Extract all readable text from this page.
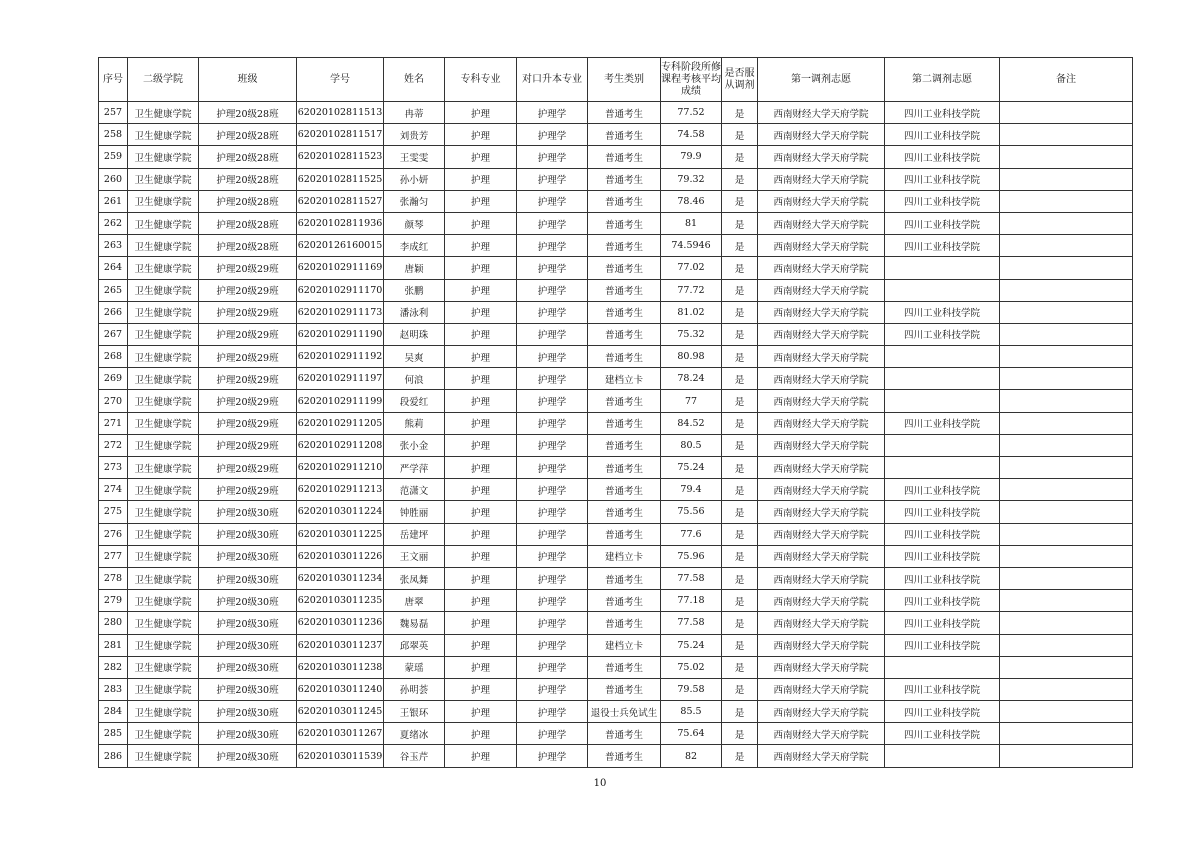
序号	二级学院	班级	学号	姓名	专科专业	对口升本专业	考生类别	专科阶段所修课程考核平均成绩	是否服从调剂	第一调剂志愿	第二调剂志愿	备注
257	卫生健康学院	护理20级28班	62020102811513	冉蒂	护理	护理学	普通考生	77.52	是	西南财经大学天府学院	四川工业科技学院	
258	卫生健康学院	护理20级28班	62020102811517	刘贵芳	护理	护理学	普通考生	74.58	是	西南财经大学天府学院	四川工业科技学院	
259	卫生健康学院	护理20级28班	62020102811523	王雯雯	护理	护理学	普通考生	79.9	是	西南财经大学天府学院	四川工业科技学院	
260	卫生健康学院	护理20级28班	62020102811525	孙小妍	护理	护理学	普通考生	79.32	是	西南财经大学天府学院	四川工业科技学院	
261	卫生健康学院	护理20级28班	62020102811527	张瀚匀	护理	护理学	普通考生	78.46	是	西南财经大学天府学院	四川工业科技学院	
262	卫生健康学院	护理20级28班	62020102811936	颜琴	护理	护理学	普通考生	81	是	西南财经大学天府学院	四川工业科技学院	
263	卫生健康学院	护理20级28班	62020126160015	李成红	护理	护理学	普通考生	74.5946	是	西南财经大学天府学院	四川工业科技学院	
264	卫生健康学院	护理20级29班	62020102911169	唐颖	护理	护理学	普通考生	77.02	是	西南财经大学天府学院		
265	卫生健康学院	护理20级29班	62020102911170	张鹏	护理	护理学	普通考生	77.72	是	西南财经大学天府学院		
266	卫生健康学院	护理20级29班	62020102911173	潘泳利	护理	护理学	普通考生	81.02	是	西南财经大学天府学院	四川工业科技学院	
267	卫生健康学院	护理20级29班	62020102911190	赵明珠	护理	护理学	普通考生	75.32	是	西南财经大学天府学院	四川工业科技学院	
268	卫生健康学院	护理20级29班	62020102911192	吴爽	护理	护理学	普通考生	80.98	是	西南财经大学天府学院		
269	卫生健康学院	护理20级29班	62020102911197	何浪	护理	护理学	建档立卡	78.24	是	西南财经大学天府学院		
270	卫生健康学院	护理20级29班	62020102911199	段爱红	护理	护理学	普通考生	77	是	西南财经大学天府学院		
271	卫生健康学院	护理20级29班	62020102911205	熊莉	护理	护理学	普通考生	84.52	是	西南财经大学天府学院	四川工业科技学院	
272	卫生健康学院	护理20级29班	62020102911208	张小金	护理	护理学	普通考生	80.5	是	西南财经大学天府学院		
273	卫生健康学院	护理20级29班	62020102911210	严学萍	护理	护理学	普通考生	75.24	是	西南财经大学天府学院		
274	卫生健康学院	护理20级29班	62020102911213	范潇文	护理	护理学	普通考生	79.4	是	西南财经大学天府学院	四川工业科技学院	
275	卫生健康学院	护理20级30班	62020103011224	钟胜丽	护理	护理学	普通考生	75.56	是	西南财经大学天府学院	四川工业科技学院	
276	卫生健康学院	护理20级30班	62020103011225	岳建坪	护理	护理学	普通考生	77.6	是	西南财经大学天府学院	四川工业科技学院	
277	卫生健康学院	护理20级30班	62020103011226	王文丽	护理	护理学	建档立卡	75.96	是	西南财经大学天府学院	四川工业科技学院	
278	卫生健康学院	护理20级30班	62020103011234	张凤舞	护理	护理学	普通考生	77.58	是	西南财经大学天府学院	四川工业科技学院	
279	卫生健康学院	护理20级30班	62020103011235	唐翠	护理	护理学	普通考生	77.18	是	西南财经大学天府学院	四川工业科技学院	
280	卫生健康学院	护理20级30班	62020103011236	魏易磊	护理	护理学	普通考生	77.58	是	西南财经大学天府学院	四川工业科技学院	
281	卫生健康学院	护理20级30班	62020103011237	邱翠英	护理	护理学	建档立卡	75.24	是	西南财经大学天府学院	四川工业科技学院	
282	卫生健康学院	护理20级30班	62020103011238	蒙瑶	护理	护理学	普通考生	75.02	是	西南财经大学天府学院		
283	卫生健康学院	护理20级30班	62020103011240	孙明荟	护理	护理学	普通考生	79.58	是	西南财经大学天府学院	四川工业科技学院	
284	卫生健康学院	护理20级30班	62020103011245	王银环	护理	护理学	退役士兵免试生	85.5	是	西南财经大学天府学院	四川工业科技学院	
285	卫生健康学院	护理20级30班	62020103011267	夏绪冰	护理	护理学	普通考生	75.64	是	西南财经大学天府学院	四川工业科技学院	
286	卫生健康学院	护理20级30班	62020103011539	谷玉芹	护理	护理学	普通考生	82	是	西南财经大学天府学院		
10
